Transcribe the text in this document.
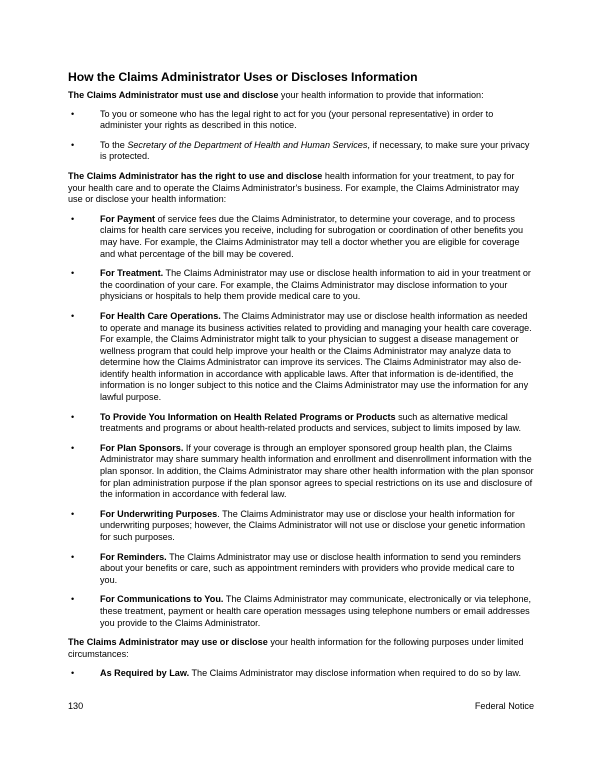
How the Claims Administrator Uses or Discloses Information

The Claims Administrator must use and disclose your health information to provide that information:

•	To you or someone who has the legal right to act for you (your personal representative) in order to administer your rights as described in this notice.
•	To the Secretary of the Department of Health and Human Services, if necessary, to make sure your privacy is protected.

The Claims Administrator has the right to use and disclose health information for your treatment, to pay for your health care and to operate the Claims Administrator's business. For example, the Claims Administrator may use or disclose your health information:

•	For Payment of service fees due the Claims Administrator, to determine your coverage, and to process claims for health care services you receive, including for subrogation or coordination of other benefits you may have. For example, the Claims Administrator may tell a doctor whether you are eligible for coverage and what percentage of the bill may be covered.
•	For Treatment. The Claims Administrator may use or disclose health information to aid in your treatment or the coordination of your care. For example, the Claims Administrator may disclose information to your physicians or hospitals to help them provide medical care to you.
•	For Health Care Operations. The Claims Administrator may use or disclose health information as needed to operate and manage its business activities related to providing and managing your health care coverage. For example, the Claims Administrator might talk to your physician to suggest a disease management or wellness program that could help improve your health or the Claims Administrator may analyze data to determine how the Claims Administrator can improve its services. The Claims Administrator may also de-identify health information in accordance with applicable laws. After that information is de-identified, the information is no longer subject to this notice and the Claims Administrator may use the information for any lawful purpose.
•	To Provide You Information on Health Related Programs or Products such as alternative medical treatments and programs or about health-related products and services, subject to limits imposed by law.
•	For Plan Sponsors. If your coverage is through an employer sponsored group health plan, the Claims Administrator may share summary health information and enrollment and disenrollment information with the plan sponsor. In addition, the Claims Administrator may share other health information with the plan sponsor for plan administration purpose if the plan sponsor agrees to special restrictions on its use and disclosure of the information in accordance with federal law.
•	For Underwriting Purposes. The Claims Administrator may use or disclose your health information for underwriting purposes; however, the Claims Administrator will not use or disclose your genetic information for such purposes.
•	For Reminders. The Claims Administrator may use or disclose health information to send you reminders about your benefits or care, such as appointment reminders with providers who provide medical care to you.
•	For Communications to You. The Claims Administrator may communicate, electronically or via telephone, these treatment, payment or health care operation messages using telephone numbers or email addresses you provide to the Claims Administrator.

The Claims Administrator may use or disclose your health information for the following purposes under limited circumstances:

•	As Required by Law. The Claims Administrator may disclose information when required to do so by law.
130	Federal Notice
